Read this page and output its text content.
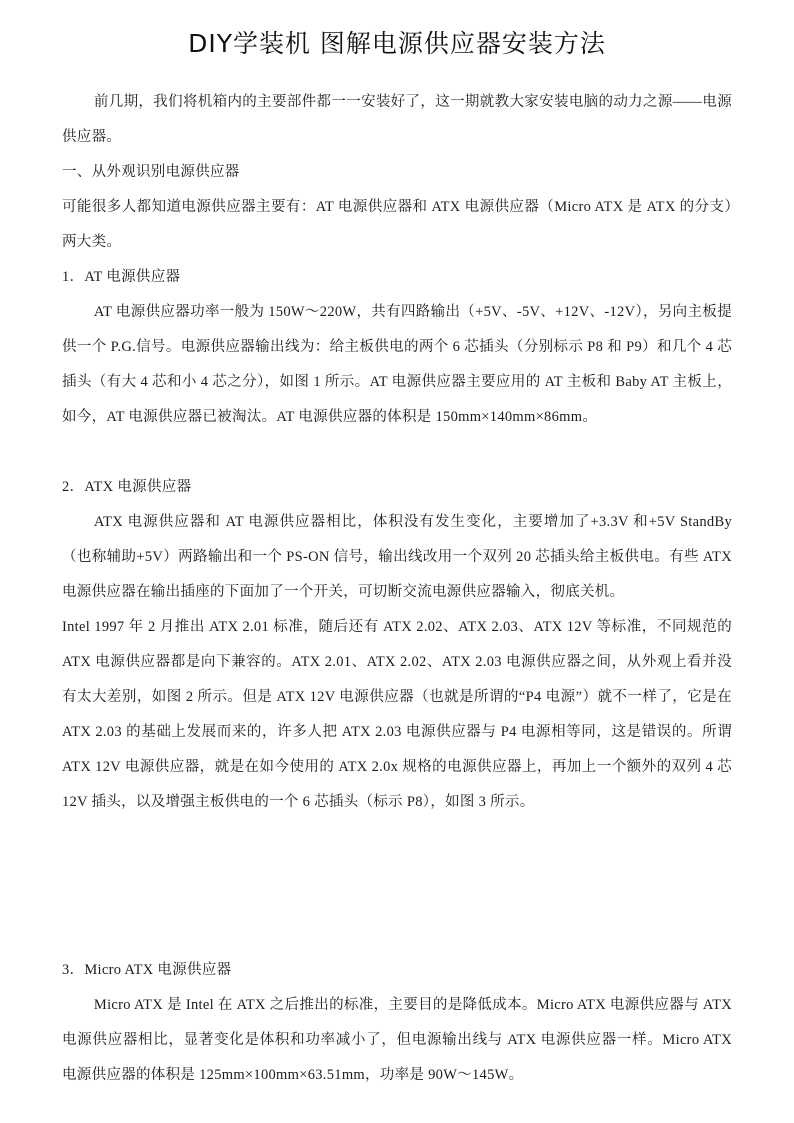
DIY学装机 图解电源供应器安装方法

前几期，我们将机箱内的主要部件都一一安装好了，这一期就教大家安装电脑的动力之源——电源供应器。

一、从外观识别电源供应器

可能很多人都知道电源供应器主要有：AT 电源供应器和 ATX 电源供应器（Micro ATX 是 ATX 的分支）两大类。

1．AT 电源供应器

AT 电源供应器功率一般为 150W～220W，共有四路输出（+5V、-5V、+12V、-12V），另向主板提供一个 P.G.信号。电源供应器输出线为：给主板供电的两个 6 芯插头（分别标示 P8 和 P9）和几个 4 芯插头（有大 4 芯和小 4 芯之分），如图 1 所示。AT 电源供应器主要应用的 AT 主板和 Baby AT 主板上，如今，AT 电源供应器已被淘汰。AT 电源供应器的体积是 150mm×140mm×86mm。

2．ATX 电源供应器

ATX 电源供应器和 AT 电源供应器相比，体积没有发生变化，主要增加了+3.3V 和+5V StandBy（也称辅助+5V）两路输出和一个 PS-ON 信号，输出线改用一个双列 20 芯插头给主板供电。有些 ATX 电源供应器在输出插座的下面加了一个开关，可切断交流电源供应器输入，彻底关机。

Intel 1997 年 2 月推出 ATX 2.01 标准，随后还有 ATX 2.02、ATX 2.03、ATX 12V 等标准，不同规范的 ATX 电源供应器都是向下兼容的。ATX 2.01、ATX 2.02、ATX 2.03 电源供应器之间，从外观上看并没有太大差别，如图 2 所示。但是 ATX 12V 电源供应器（也就是所谓的“P4 电源”）就不一样了，它是在 ATX 2.03 的基础上发展而来的，许多人把 ATX 2.03 电源供应器与 P4 电源相等同，这是错误的。所谓 ATX 12V 电源供应器，就是在如今使用的 ATX 2.0x 规格的电源供应器上，再加上一个额外的双列 4 芯 12V 插头，以及增强主板供电的一个 6 芯插头（标示 P8），如图 3 所示。

3．Micro ATX 电源供应器

Micro ATX 是 Intel 在 ATX 之后推出的标准，主要目的是降低成本。Micro ATX 电源供应器与 ATX 电源供应器相比，显著变化是体积和功率减小了，但电源输出线与 ATX 电源供应器一样。Micro ATX 电源供应器的体积是 125mm×100mm×63.51mm，功率是 90W～145W。
